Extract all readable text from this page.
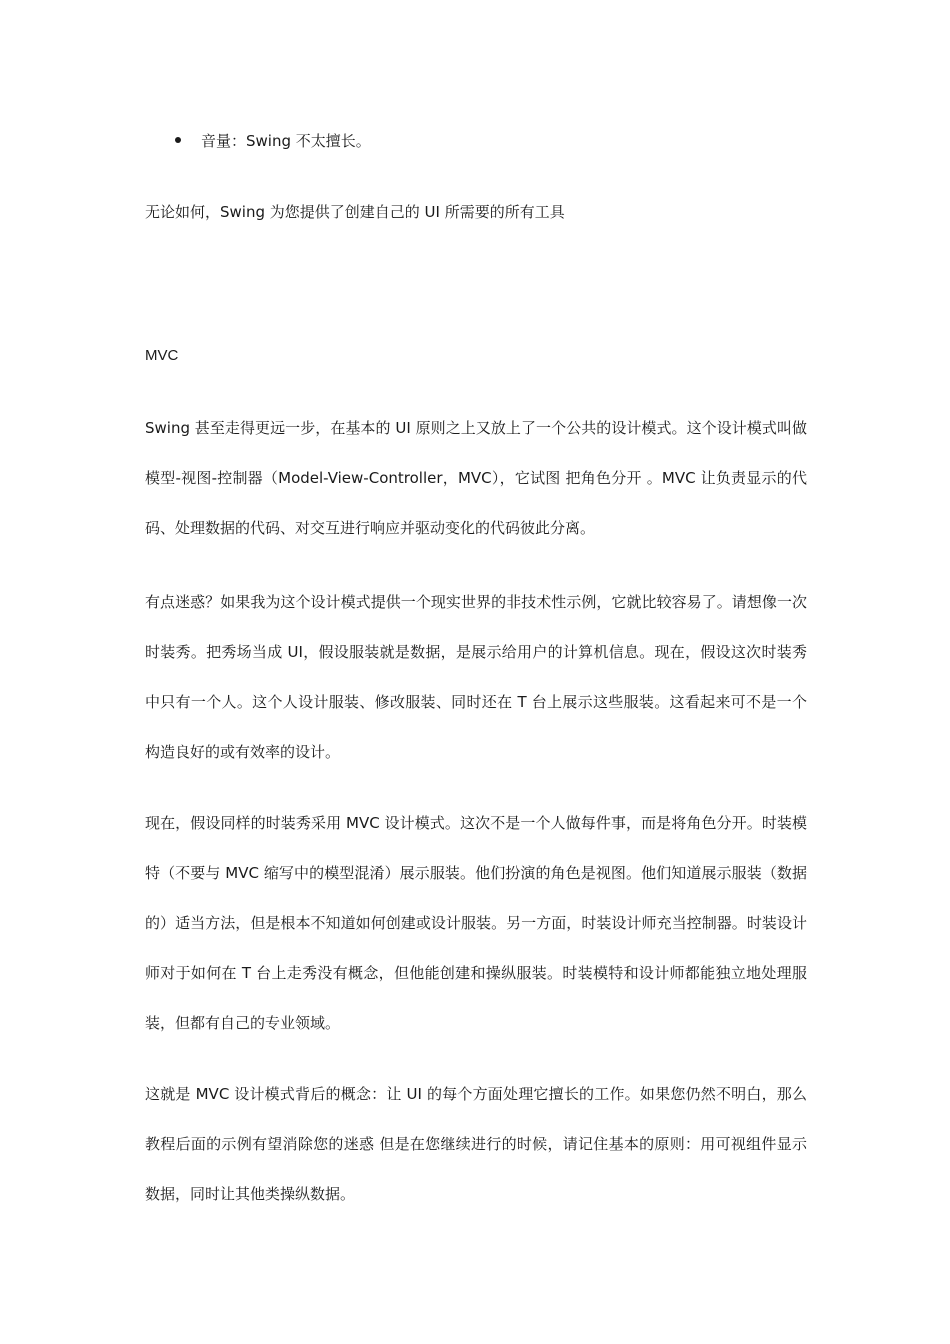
音量：Swing 不太擅长。
无论如何，Swing 为您提供了创建自己的 UI 所需要的所有工具
MVC
Swing 甚至走得更远一步，在基本的 UI 原则之上又放上了一个公共的设计模式。这个设计模式叫做模型-视图-控制器（Model-View-Controller，MVC），它试图 把角色分开 。MVC 让负责显示的代码、处理数据的代码、对交互进行响应并驱动变化的代码彼此分离。
有点迷惑？如果我为这个设计模式提供一个现实世界的非技术性示例，它就比较容易了。请想像一次时装秀。把秀场当成 UI，假设服装就是数据，是展示给用户的计算机信息。现在，假设这次时装秀中只有一个人。这个人设计服装、修改服装、同时还在 T 台上展示这些服装。这看起来可不是一个构造良好的或有效率的设计。
现在，假设同样的时装秀采用 MVC 设计模式。这次不是一个人做每件事，而是将角色分开。时装模特（不要与 MVC 缩写中的模型混淆）展示服装。他们扮演的角色是视图。他们知道展示服装（数据的）适当方法，但是根本不知道如何创建或设计服装。另一方面，时装设计师充当控制器。时装设计师对于如何在 T 台上走秀没有概念，但他能创建和操纵服装。时装模特和设计师都能独立地处理服装，但都有自己的专业领域。
这就是 MVC 设计模式背后的概念：让 UI 的每个方面处理它擅长的工作。如果您仍然不明白，那么教程后面的示例有望消除您的迷惑 但是在您继续进行的时候，请记住基本的原则：用可视组件显示数据，同时让其他类操纵数据。
